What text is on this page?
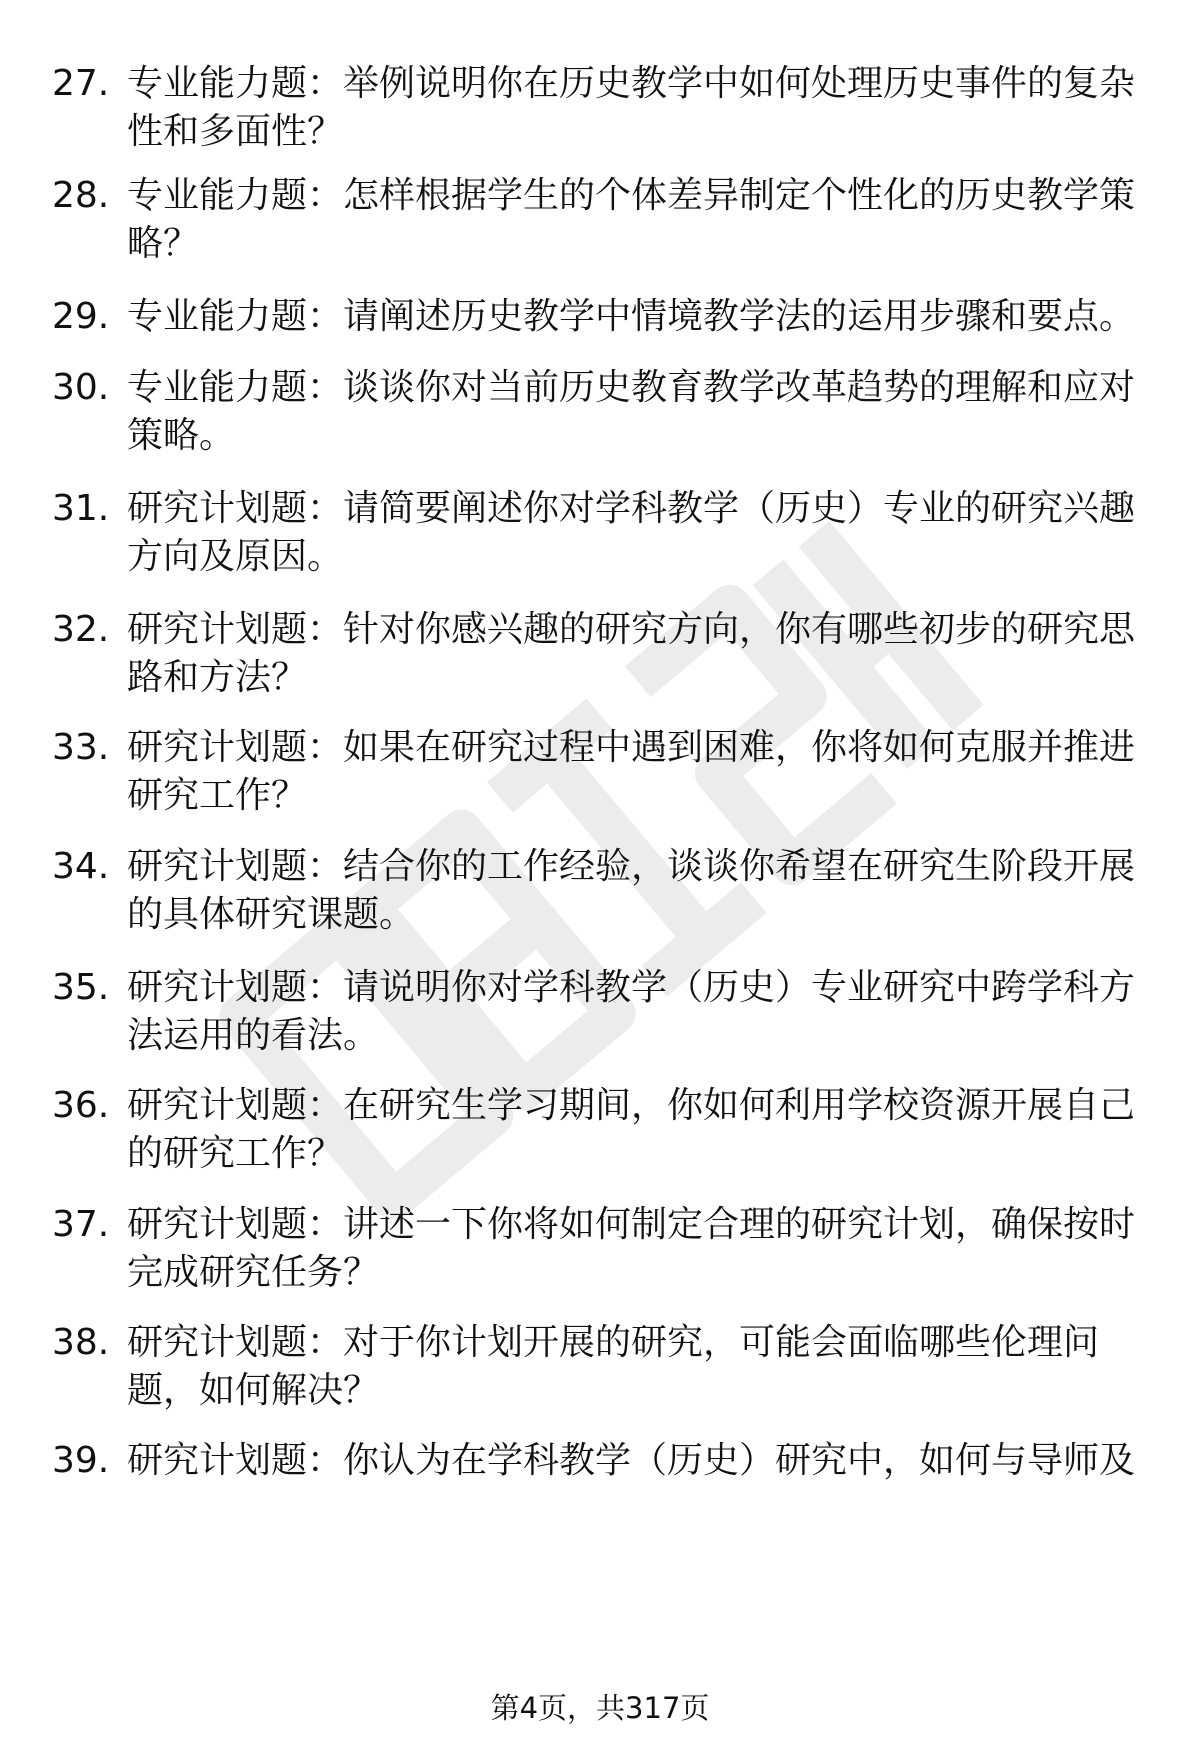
27. 专业能力题：举例说明你在历史教学中如何处理历史事件的复杂性和多面性？
28. 专业能力题：怎样根据学生的个体差异制定个性化的历史教学策略？
29. 专业能力题：请阐述历史教学中情境教学法的运用步骤和要点。
30. 专业能力题：谈谈你对当前历史教育教学改革趋势的理解和应对策略。
31. 研究计划题：请简要阐述你对学科教学（历史）专业的研究兴趣方向及原因。
32. 研究计划题：针对你感兴趣的研究方向，你有哪些初步的研究思路和方法？
33. 研究计划题：如果在研究过程中遇到困难，你将如何克服并推进研究工作？
34. 研究计划题：结合你的工作经验，谈谈你希望在研究生阶段开展的具体研究课题。
35. 研究计划题：请说明你对学科教学（历史）专业研究中跨学科方法运用的看法。
36. 研究计划题：在研究生学习期间，你如何利用学校资源开展自己的研究工作？
37. 研究计划题：讲述一下你将如何制定合理的研究计划，确保按时完成研究任务？
38. 研究计划题：对于你计划开展的研究，可能会面临哪些伦理问题，如何解决？
39. 研究计划题：你认为在学科教学（历史）研究中，如何与导师及
第4页，共317页
